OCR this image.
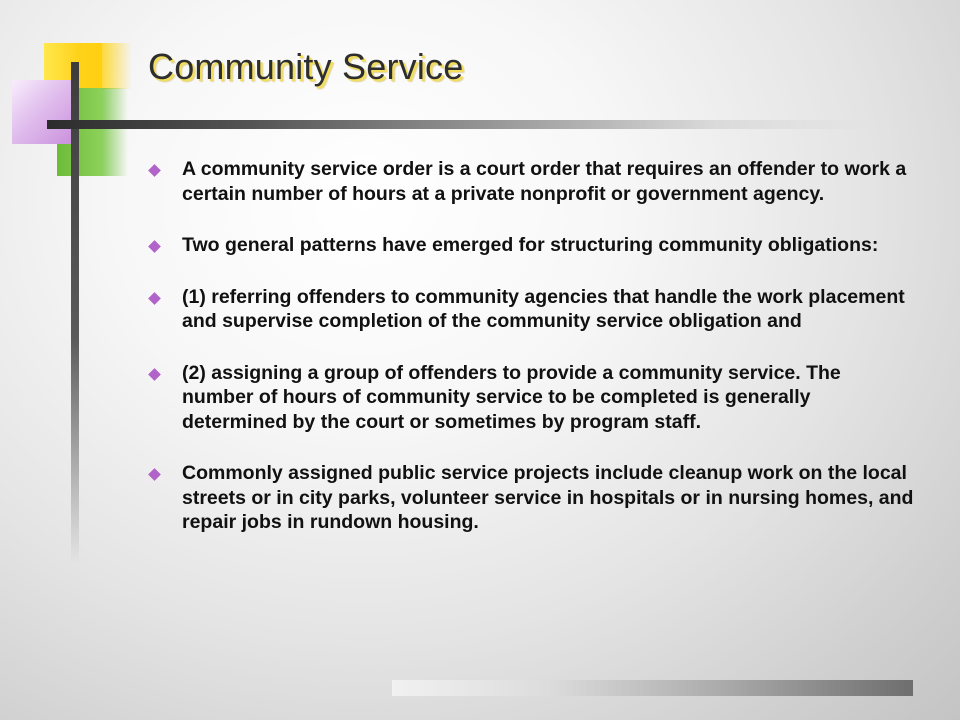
Community Service
A community service order is a court order that requires an offender to work a certain number of hours at a private nonprofit or government agency.
Two general patterns have emerged for structuring community obligations:
(1) referring offenders to community agencies that handle the work placement and supervise completion of the community service obligation and
(2) assigning a group of offenders to provide a community service. The number of hours of community service to be completed is generally determined by the court or sometimes by program staff.
Commonly assigned public service projects include cleanup work on the local streets or in city parks, volunteer service in hospitals or in nursing homes, and repair jobs in rundown housing.
